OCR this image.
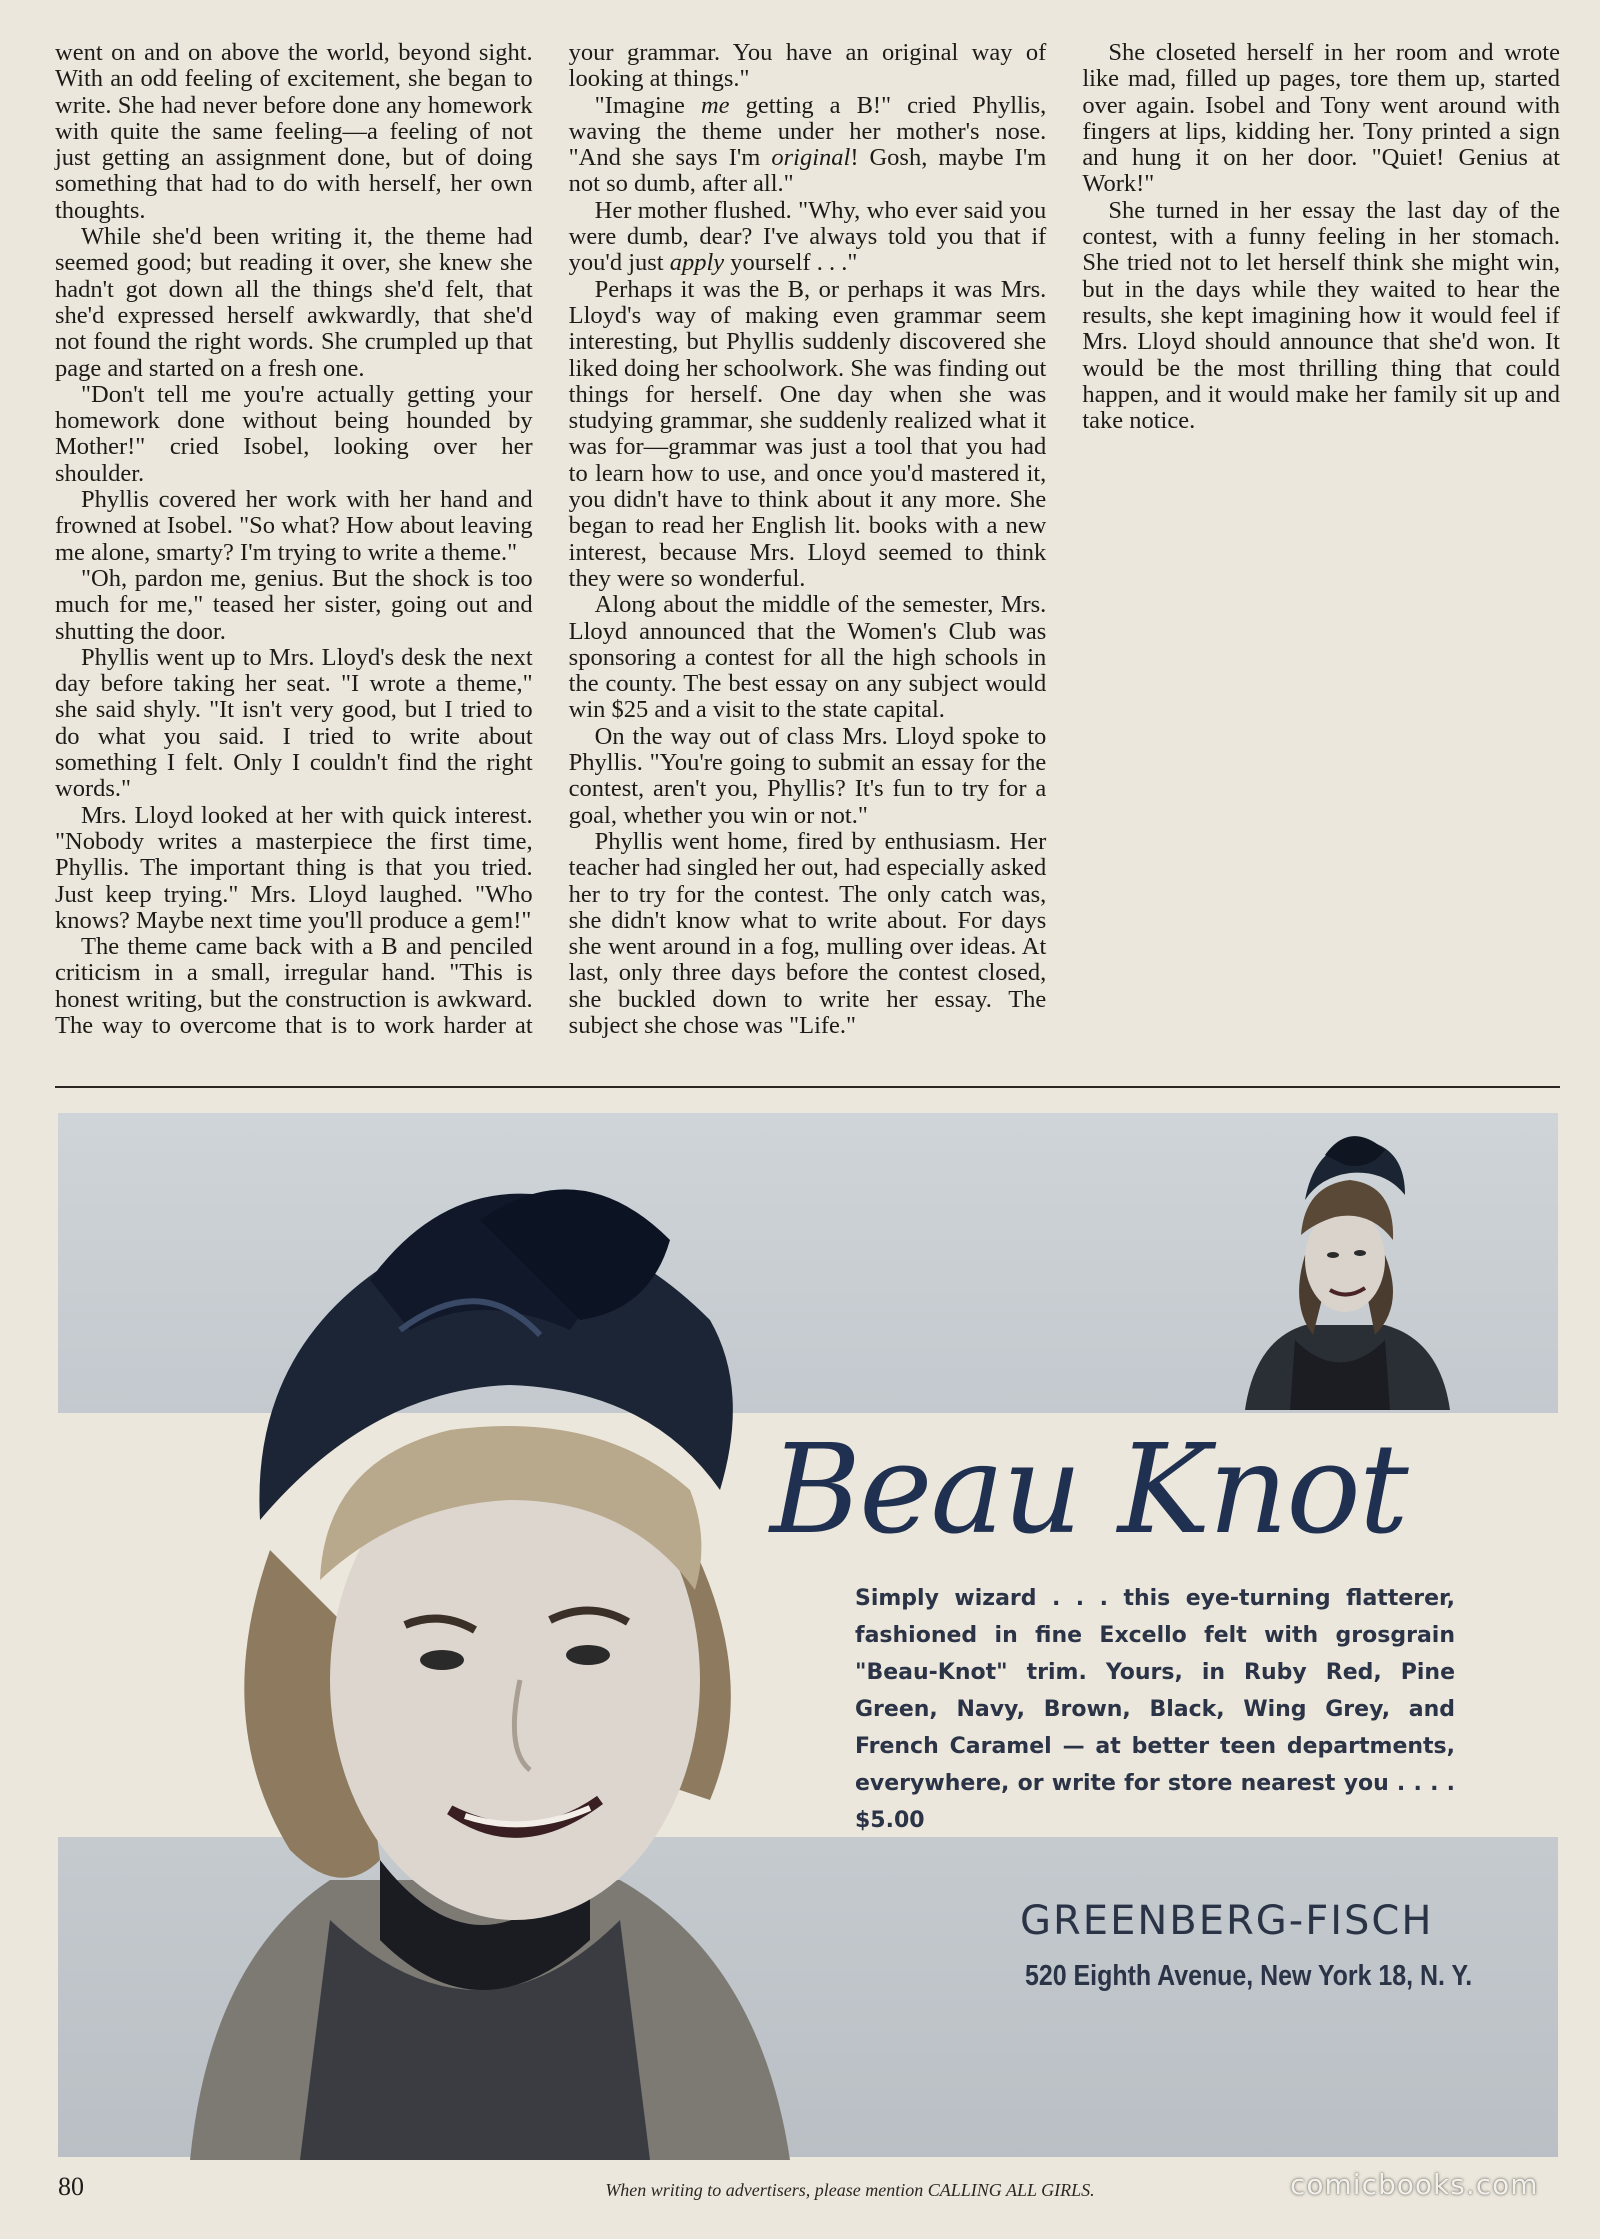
went on and on above the world, beyond sight. With an odd feeling of excitement, she began to write. She had never before done any homework with quite the same feeling—a feeling of not just getting an assignment done, but of doing something that had to do with herself, her own thoughts.

While she'd been writing it, the theme had seemed good; but reading it over, she knew she hadn't got down all the things she'd felt, that she'd expressed herself awkwardly, that she'd not found the right words. She crumpled up that page and started on a fresh one.

"Don't tell me you're actually getting your homework done without being hounded by Mother!" cried Isobel, looking over her shoulder.

Phyllis covered her work with her hand and frowned at Isobel. "So what? How about leaving me alone, smarty? I'm trying to write a theme."

"Oh, pardon me, genius. But the shock is too much for me," teased her sister, going out and shutting the door.

Phyllis went up to Mrs. Lloyd's desk the next day before taking her seat. "I wrote a theme," she said shyly. "It isn't very good, but I tried to do what you said. I tried to write about something I felt. Only I couldn't find the right words."

Mrs. Lloyd looked at her with quick interest. "Nobody writes a masterpiece the first time, Phyllis. The important thing is that you tried. Just keep trying." Mrs. Lloyd laughed. "Who knows? Maybe next time you'll produce a gem!"

The theme came back with a B and penciled criticism in a small, irregular hand. "This is honest writing, but the construction is awkward. The way to overcome that is to work harder at your grammar. You have an original way of looking at things."

"Imagine me getting a B!" cried Phyllis, waving the theme under her mother's nose. "And she says I'm original! Gosh, maybe I'm not so dumb, after all."

Her mother flushed. "Why, who ever said you were dumb, dear? I've always told you that if you'd just apply yourself . . ."

Perhaps it was the B, or perhaps it was Mrs. Lloyd's way of making even grammar seem interesting, but Phyllis suddenly discovered she liked doing her schoolwork. She was finding out things for herself. One day when she was studying grammar, she suddenly realized what it was for—grammar was just a tool that you had to learn how to use, and once you'd mastered it, you didn't have to think about it any more. She began to read her English lit. books with a new interest, because Mrs. Lloyd seemed to think they were so wonderful.

Along about the middle of the semester, Mrs. Lloyd announced that the Women's Club was sponsoring a contest for all the high schools in the county. The best essay on any subject would win $25 and a visit to the state capital.

On the way out of class Mrs. Lloyd spoke to Phyllis. "You're going to submit an essay for the contest, aren't you, Phyllis? It's fun to try for a goal, whether you win or not."

Phyllis went home, fired by enthusiasm. Her teacher had singled her out, had especially asked her to try for the contest. The only catch was, she didn't know what to write about. For days she went around in a fog, mulling over ideas. At last, only three days before the contest closed, she buckled down to write her essay. The subject she chose was "Life."

She closeted herself in her room and wrote like mad, filled up pages, tore them up, started over again. Isobel and Tony went around with fingers at lips, kidding her. Tony printed a sign and hung it on her door. "Quiet! Genius at Work!"

She turned in her essay the last day of the contest, with a funny feeling in her stomach. She tried not to let herself think she might win, but in the days while they waited to hear the results, she kept imagining how it would feel if Mrs. Lloyd should announce that she'd won. It would be the most thrilling thing that could happen, and it would make her family sit up and take notice.

Beau Knot
Simply wizard . . . this eye-turning flatterer, fashioned in fine Excello felt with grosgrain "Beau-Knot" trim. Yours, in Ruby Red, Pine Green, Navy, Brown, Black, Wing Grey, and French Caramel — at better teen departments, everywhere, or write for store nearest you . . . . $5.00
GREENBERG-FISCH
520 Eighth Avenue, New York 18, N. Y.
80	When writing to advertisers, please mention CALLING ALL GIRLS.	comicbooks.com
